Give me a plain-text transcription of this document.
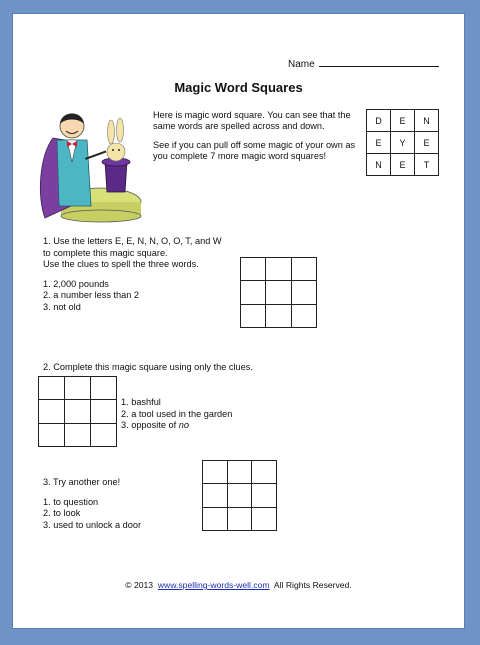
Name
Magic Word Squares

Here is magic word square. You can see that the same words are spelled across and down.

See if you can pull off some magic of your own as you complete 7 more magic word squares!

D	E	N
E	Y	E
N	E	T
1. Use the letters E, E, N, N, O, O, T, and W
to complete this magic square.
Use the clues to spell the three words.
1. 2,000 pounds
2. a number less than 2
3. not old
2. Complete this magic square using only the clues.
1. bashful
2. a tool used in the garden
3. opposite of no
3. Try another one!
1. to question
2. to look
3. used to unlock a door
© 2013 www.spelling-words-well.com All Rights Reserved.
